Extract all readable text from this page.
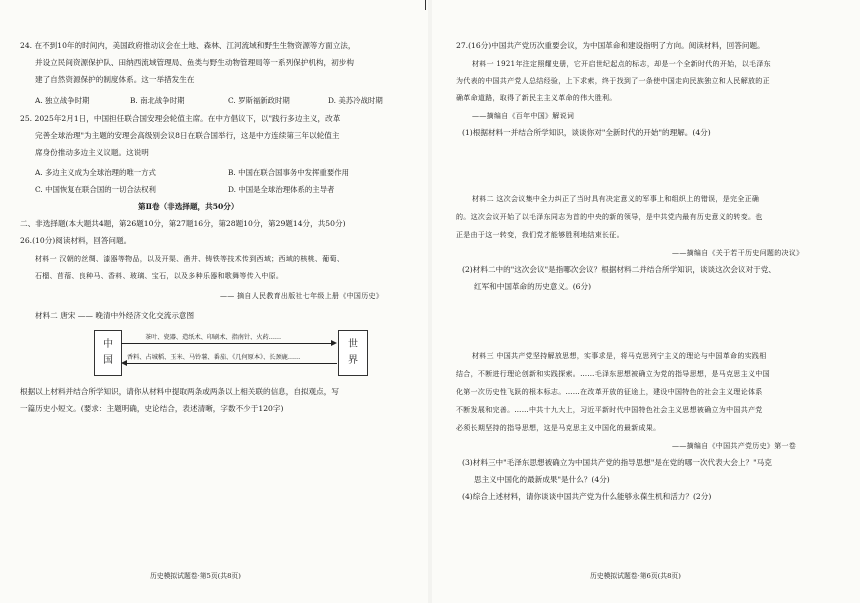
24. 在不到10年的时间内，美国政府推动议会在土地、森林、江河流域和野生生物资源等方面立法，
并设立民间资源保护队、田纳西流域管理局、鱼类与野生动物管理局等一系列保护机构，初步构
建了自然资源保护的制度体系。这一举措发生在
A. 独立战争时期	B. 南北战争时期	C. 罗斯福新政时期	D. 美苏冷战时期
25. 2025年2月1日，中国担任联合国安理会轮值主席。在中方倡议下，以"践行多边主义，改革
完善全球治理"为主题的安理会高级别会议8日在联合国举行，这是中方连续第三年以轮值主
席身份推动多边主义议题。这说明
A. 多边主义成为全球治理的唯一方式	B. 中国在联合国事务中发挥重要作用
C. 中国恢复在联合国的一切合法权利	D. 中国是全球治理体系的主导者
第Ⅱ卷（非选择题，共50分）
二、非选择题(本大题共4题，第26题10分，第27题16分，第28题10分，第29题14分，共50分)
26.(10分)阅读材料，回答问题。
材料一 汉朝的丝绸、漆器等物品，以及开渠、凿井、铸铁等技术传到西域；西域的核桃、葡萄、
石榴、苜蓿、良种马、香料、玻璃、宝石，以及多种乐器和歌舞等传入中原。
—— 摘自人民教育出版社七年级上册《中国历史》
材料二 唐宋 —— 晚清中外经济文化交流示意图
中
国
世
界
茶叶、瓷器、造纸术、印刷术、指南针、火药……
香料、占城稻、玉米、马铃薯、番茄、《几何原本》、长颈鹿……
根据以上材料并结合所学知识，请你从材料中提取两条或两条以上相关联的信息，自拟观点，写
一篇历史小短文。(要求：主题明确，史论结合，表述清晰，字数不少于120字)
历史模拟试题卷·第5页(共8页)
27.(16分)中国共产党历次重要会议，为中国革命和建设指明了方向。阅读材料，回答问题。
材料一 1921年注定照耀史册，它开启世纪起点的标志，却是一个全新时代的开始，以毛泽东
为代表的中国共产党人总结经验，上下求索，终于找到了一条使中国走向民族独立和人民解放的正
确革命道路，取得了新民主主义革命的伟大胜利。
——摘编自《百年中国》解说词
(1)根据材料一并结合所学知识，谈谈你对"全新时代的开始"的理解。(4分)
材料二 这次会议集中全力纠正了当时具有决定意义的军事上和组织上的错误，是完全正确
的。这次会议开始了以毛泽东同志为首的中央的新的领导，是中共党内最有历史意义的转变。也
正是由于这一转变，我们党才能够胜利地结束长征。
——摘编自《关于若干历史问题的决议》
(2)材料二中的"这次会议"是指哪次会议？根据材料二并结合所学知识，谈谈这次会议对于党、
红军和中国革命的历史意义。(6分)
材料三 中国共产党坚持解放思想，实事求是，将马克思列宁主义的理论与中国革命的实践相
结合，不断进行理论创新和实践探索。……毛泽东思想被确立为党的指导思想，是马克思主义中国
化第一次历史性飞跃的根本标志。……在改革开放的征途上，建设中国特色的社会主义理论体系
不断发展和完善。……中共十九大上，习近平新时代中国特色社会主义思想被确立为中国共产党
必须长期坚持的指导思想，这是马克思主义中国化的最新成果。
——摘编自《中国共产党历史》第一卷
(3)材料三中"毛泽东思想被确立为中国共产党的指导思想"是在党的哪一次代表大会上？"马克
思主义中国化的最新成果"是什么？(4分)
(4)综合上述材料，请你谈谈中国共产党为什么能够永葆生机和活力？(2分)
历史模拟试题卷·第6页(共8页)
